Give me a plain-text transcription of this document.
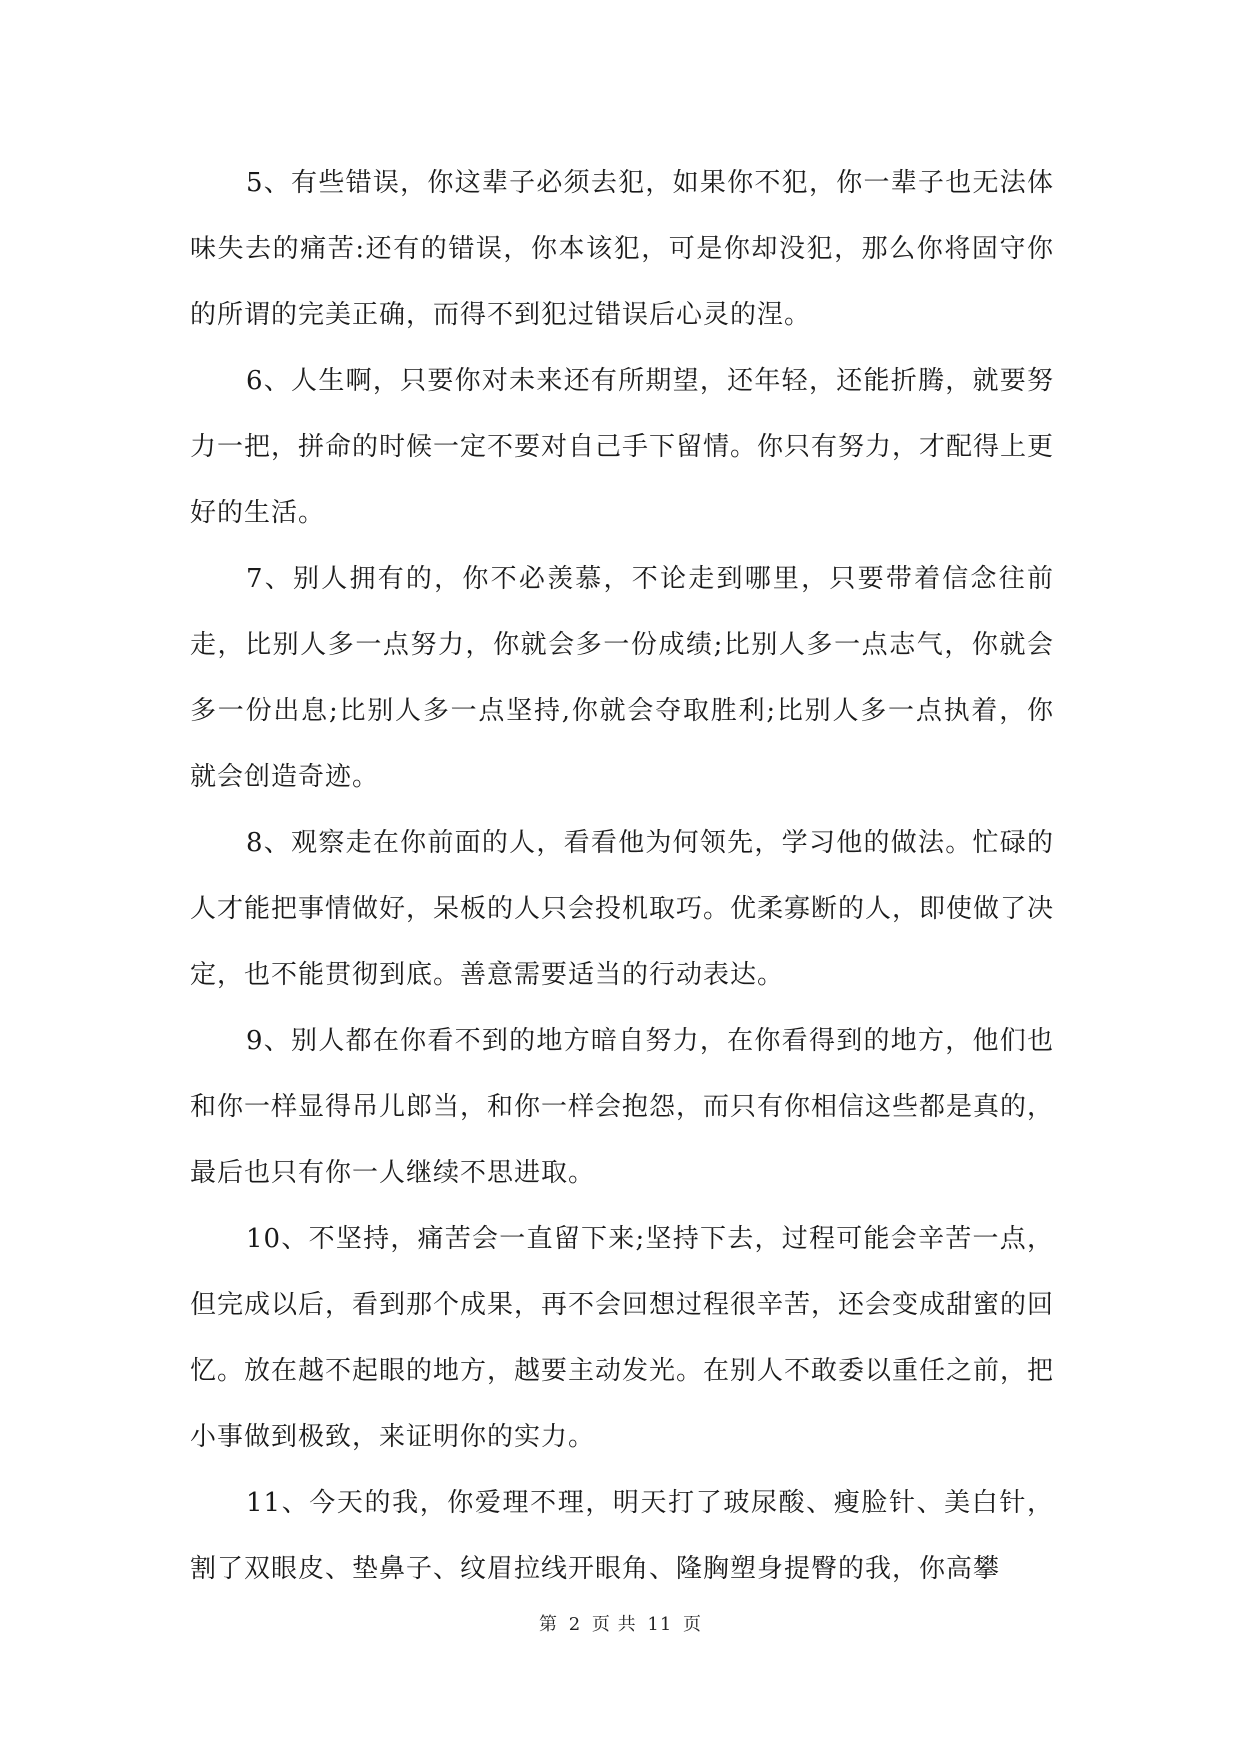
5、有些错误，你这辈子必须去犯，如果你不犯，你一辈子也无法体味失去的痛苦:还有的错误，你本该犯，可是你却没犯，那么你将固守你的所谓的完美正确，而得不到犯过错误后心灵的涅。

6、人生啊，只要你对未来还有所期望，还年轻，还能折腾，就要努力一把，拼命的时候一定不要对自己手下留情。你只有努力，才配得上更好的生活。

7、别人拥有的，你不必羡慕，不论走到哪里，只要带着信念往前走，比别人多一点努力，你就会多一份成绩;比别人多一点志气，你就会多一份出息;比别人多一点坚持,你就会夺取胜利;比别人多一点执着，你就会创造奇迹。

8、观察走在你前面的人，看看他为何领先，学习他的做法。忙碌的人才能把事情做好，呆板的人只会投机取巧。优柔寡断的人，即使做了决定，也不能贯彻到底。善意需要适当的行动表达。

9、别人都在你看不到的地方暗自努力，在你看得到的地方，他们也和你一样显得吊儿郎当，和你一样会抱怨，而只有你相信这些都是真的，最后也只有你一人继续不思进取。

10、不坚持，痛苦会一直留下来;坚持下去，过程可能会辛苦一点，但完成以后，看到那个成果，再不会回想过程很辛苦，还会变成甜蜜的回忆。放在越不起眼的地方，越要主动发光。在别人不敢委以重任之前，把小事做到极致，来证明你的实力。

11、今天的我，你爱理不理，明天打了玻尿酸、瘦脸针、美白针，割了双眼皮、垫鼻子、纹眉拉线开眼角、隆胸塑身提臀的我，你高攀

第 2 页 共 11 页
